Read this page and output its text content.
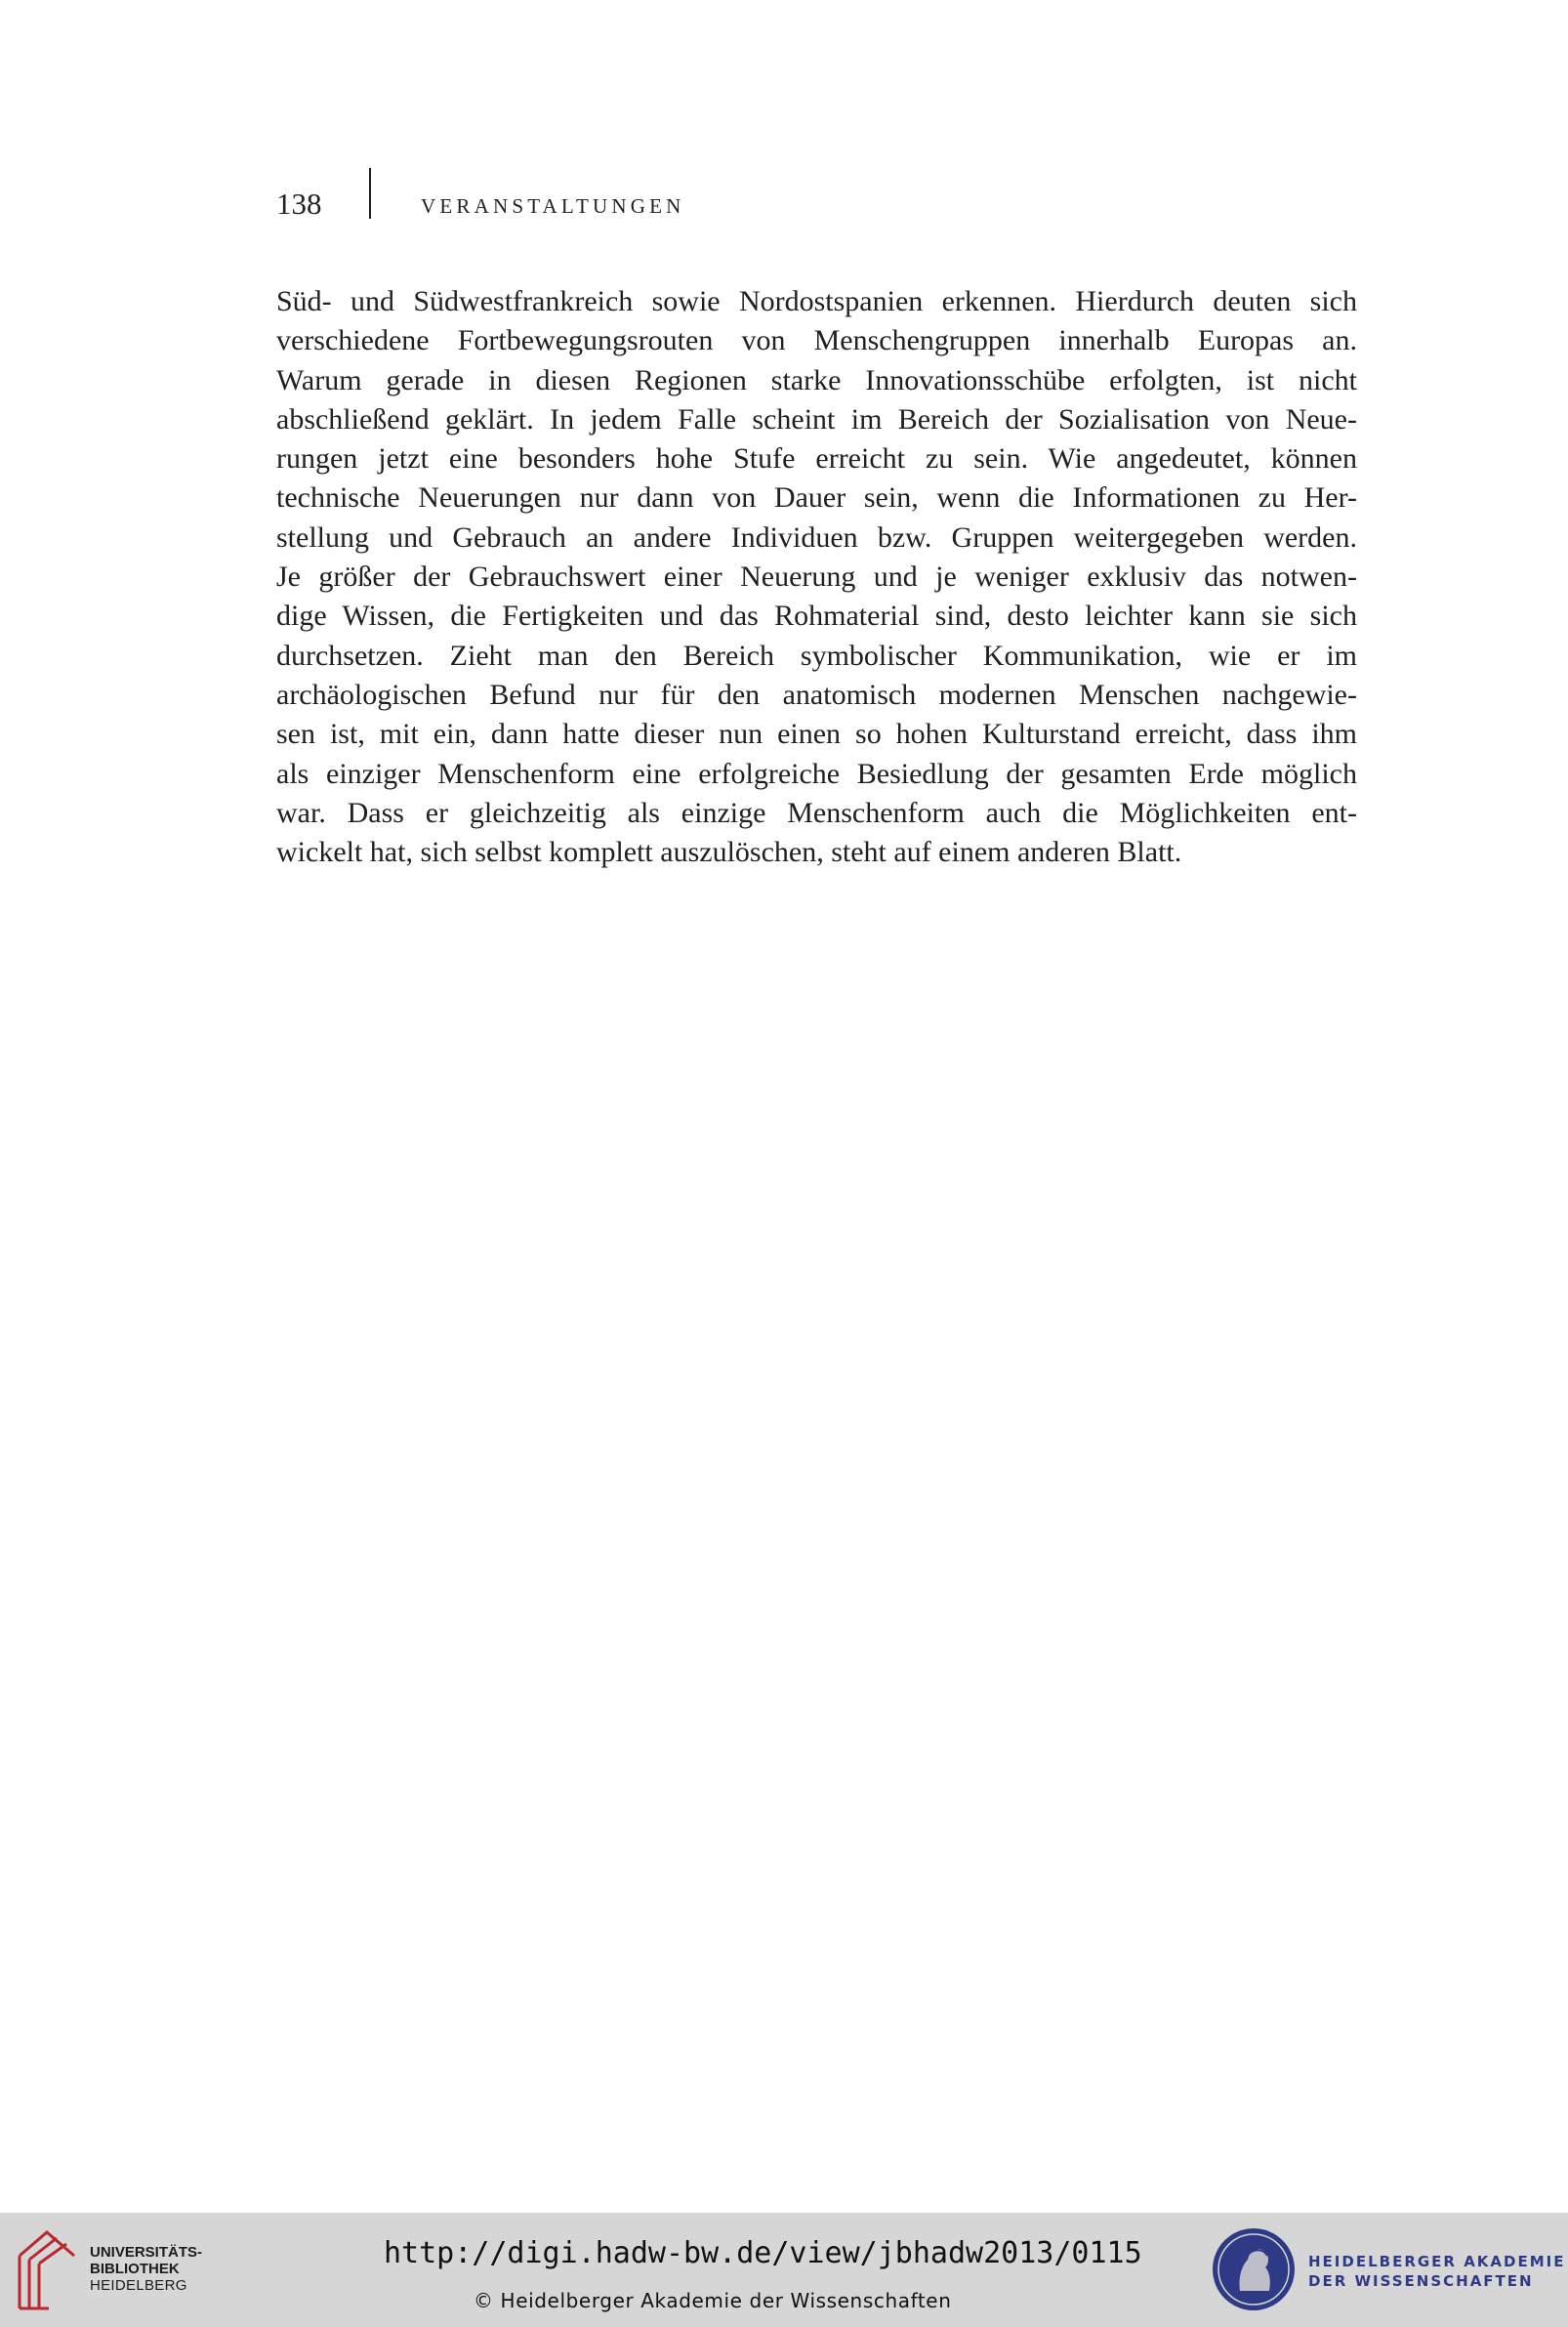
138	VERANSTALTUNGEN
Süd- und Südwestfrankreich sowie Nordostspanien erkennen. Hierdurch deuten sich
verschiedene Fortbewegungsrouten von Menschengruppen innerhalb Europas an.
Warum gerade in diesen Regionen starke Innovationsschübe erfolgten, ist nicht
abschließend geklärt. In jedem Falle scheint im Bereich der Sozialisation von Neue-
rungen jetzt eine besonders hohe Stufe erreicht zu sein. Wie angedeutet, können
technische Neuerungen nur dann von Dauer sein, wenn die Informationen zu Her-
stellung und Gebrauch an andere Individuen bzw. Gruppen weitergegeben werden.
Je größer der Gebrauchswert einer Neuerung und je weniger exklusiv das notwen-
dige Wissen, die Fertigkeiten und das Rohmaterial sind, desto leichter kann sie sich
durchsetzen. Zieht man den Bereich symbolischer Kommunikation, wie er im
archäologischen Befund nur für den anatomisch modernen Menschen nachgewie-
sen ist, mit ein, dann hatte dieser nun einen so hohen Kulturstand erreicht, dass ihm
als einziger Menschenform eine erfolgreiche Besiedlung der gesamten Erde möglich
war. Dass er gleichzeitig als einzige Menschenform auch die Möglichkeiten ent-
wickelt hat, sich selbst komplett auszulöschen, steht auf einem anderen Blatt.
UNIVERSITÄTS-
BIBLIOTHEK
HEIDELBERG
http://digi.hadw-bw.de/view/jbhadw2013/0115
© Heidelberger Akademie der Wissenschaften
HEIDELBERGER AKADEMIE
DER WISSENSCHAFTEN
